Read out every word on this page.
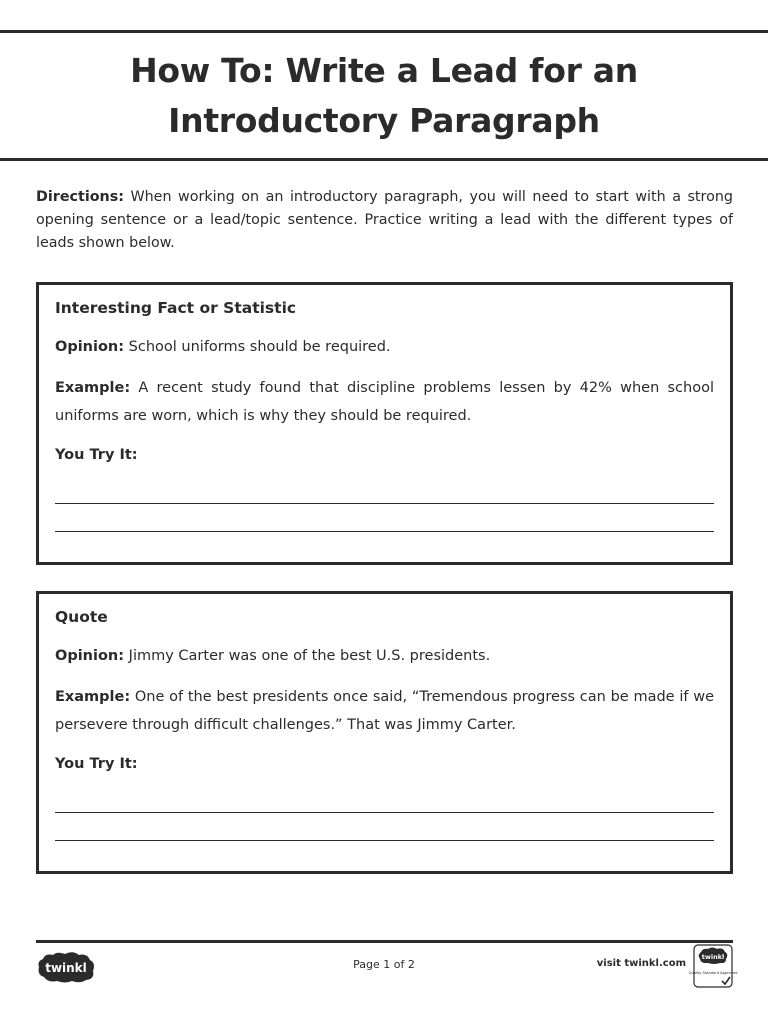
How To: Write a Lead for an
Introductory Paragraph

Directions: When working on an introductory paragraph, you will need to start with a strong opening sentence or a lead/topic sentence. Practice writing a lead with the different types of leads shown below.

Interesting Fact or Statistic
Opinion: School uniforms should be required.

Example: A recent study found that discipline problems lessen by 42% when school uniforms are worn, which is why they should be required.

You Try It:
Quote
Opinion: Jimmy Carter was one of the best U.S. presidents.

Example: One of the best presidents once said, “Tremendous progress can be made if we persevere through difficult challenges.” That was Jimmy Carter.

You Try It:
twinkl	Page 1 of 2	visit twinkl.com
twinkl
Quality Standard Approved
